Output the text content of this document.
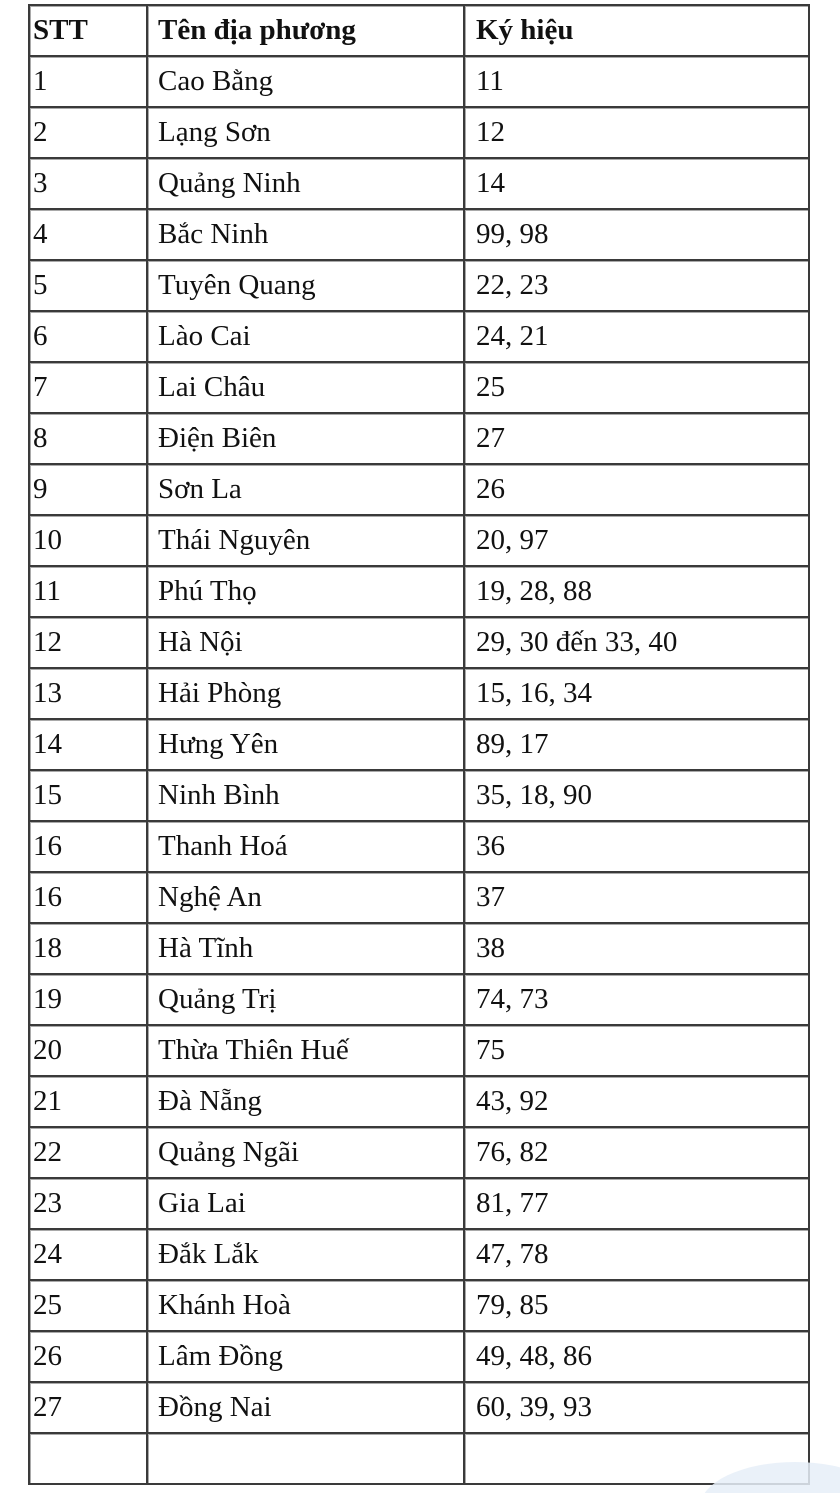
STT	Tên địa phương	Ký hiệu
1	Cao Bằng	11
2	Lạng Sơn	12
3	Quảng Ninh	14
4	Bắc Ninh	99, 98
5	Tuyên Quang	22, 23
6	Lào Cai	24, 21
7	Lai Châu	25
8	Điện Biên	27
9	Sơn La	26
10	Thái Nguyên	20, 97
11	Phú Thọ	19, 28, 88
12	Hà Nội	29, 30 đến 33, 40
13	Hải Phòng	15, 16, 34
14	Hưng Yên	89, 17
15	Ninh Bình	35, 18, 90
16	Thanh Hoá	36
16	Nghệ An	37
18	Hà Tĩnh	38
19	Quảng Trị	74, 73
20	Thừa Thiên Huế	75
21	Đà Nẵng	43, 92
22	Quảng Ngãi	76, 82
23	Gia Lai	81, 77
24	Đắk Lắk	47, 78
25	Khánh Hoà	79, 85
26	Lâm Đồng	49, 48, 86
27	Đồng Nai	60, 39, 93
